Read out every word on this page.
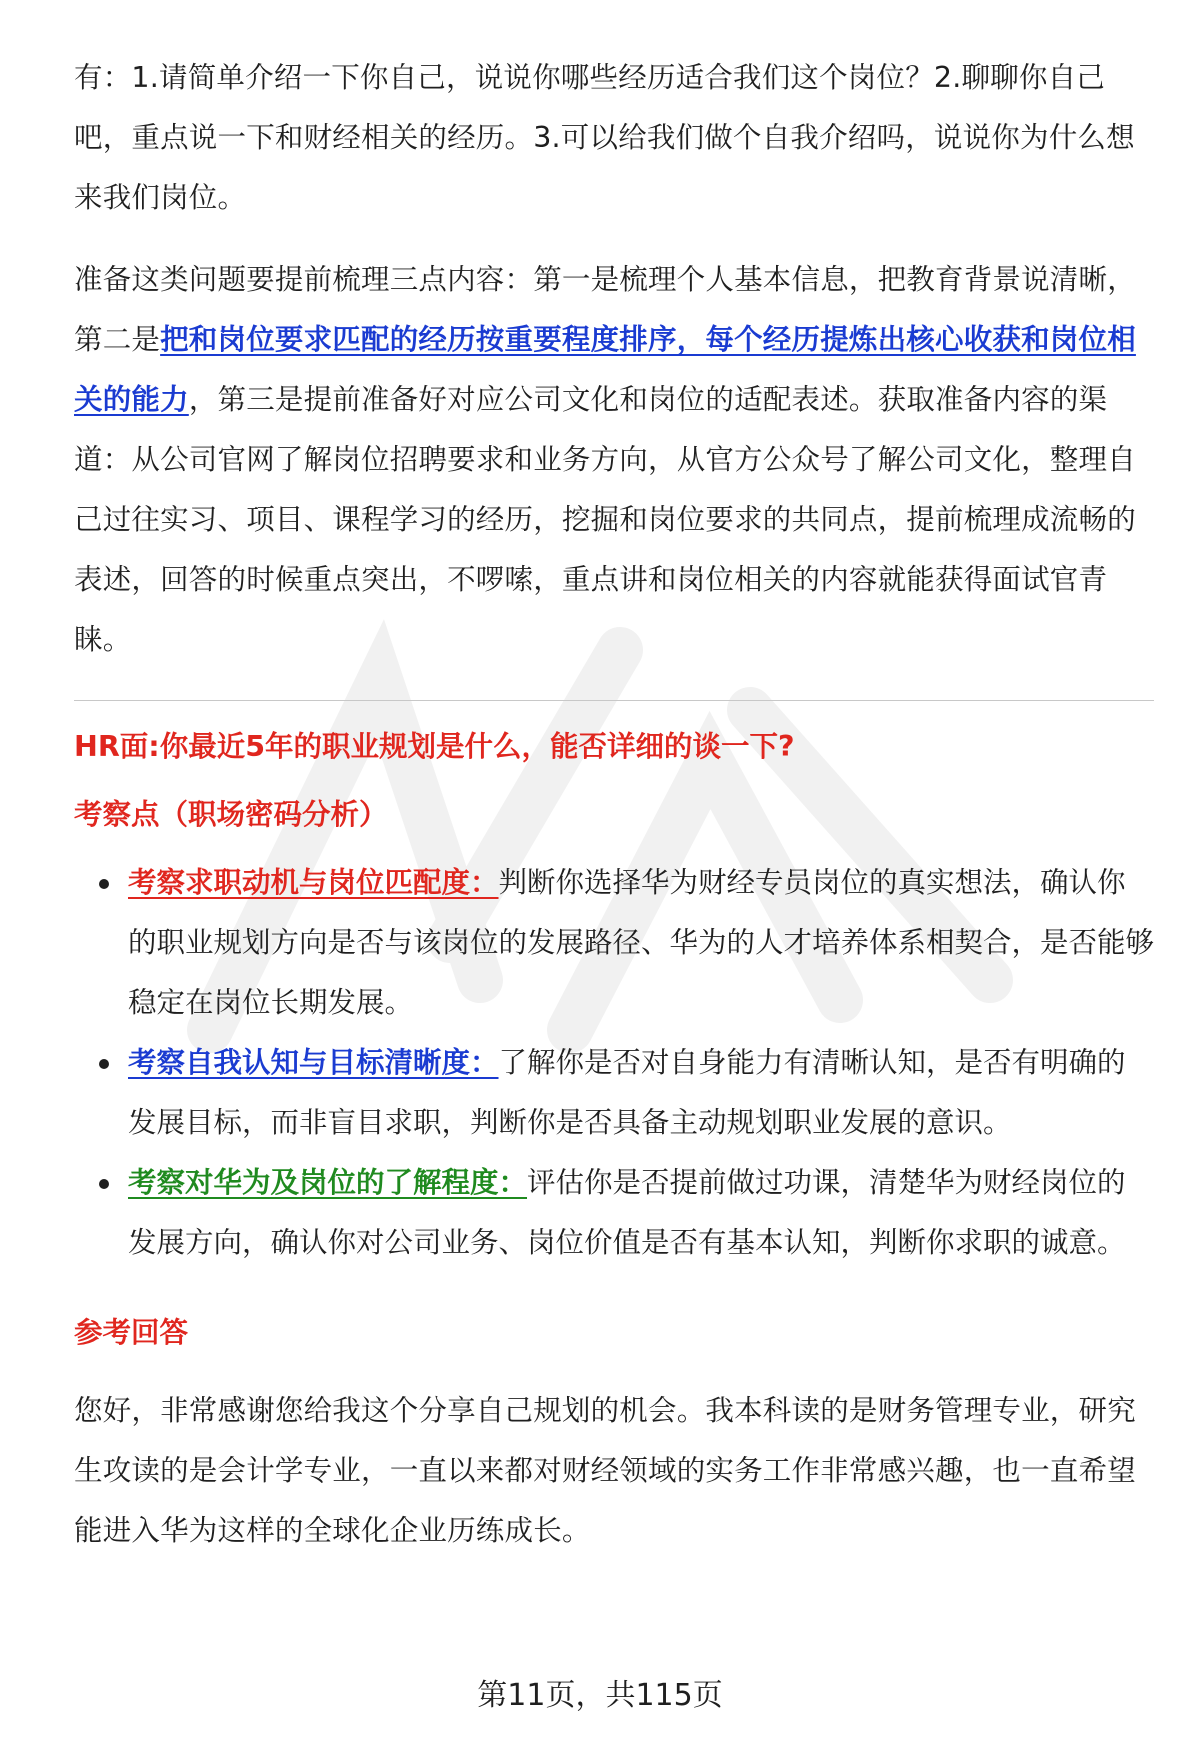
有：1.请简单介绍一下你自己，说说你哪些经历适合我们这个岗位？2.聊聊你自己吧，重点说一下和财经相关的经历。3.可以给我们做个自我介绍吗，说说你为什么想来我们岗位。

准备这类问题要提前梳理三点内容：第一是梳理个人基本信息，把教育背景说清晰，第二是把和岗位要求匹配的经历按重要程度排序，每个经历提炼出核心收获和岗位相关的能力，第三是提前准备好对应公司文化和岗位的适配表述。获取准备内容的渠道：从公司官网了解岗位招聘要求和业务方向，从官方公众号了解公司文化，整理自己过往实习、项目、课程学习的经历，挖掘和岗位要求的共同点，提前梳理成流畅的表述，回答的时候重点突出，不啰嗦，重点讲和岗位相关的内容就能获得面试官青睐。

HR面:你最近5年的职业规划是什么，能否详细的谈一下?
考察点（职场密码分析）
考察求职动机与岗位匹配度：判断你选择华为财经专员岗位的真实想法，确认你的职业规划方向是否与该岗位的发展路径、华为的人才培养体系相契合，是否能够稳定在岗位长期发展。
考察自我认知与目标清晰度：了解你是否对自身能力有清晰认知，是否有明确的发展目标，而非盲目求职，判断你是否具备主动规划职业发展的意识。
考察对华为及岗位的了解程度：评估你是否提前做过功课，清楚华为财经岗位的发展方向，确认你对公司业务、岗位价值是否有基本认知，判断你求职的诚意。
参考回答

您好，非常感谢您给我这个分享自己规划的机会。我本科读的是财务管理专业，研究生攻读的是会计学专业，一直以来都对财经领域的实务工作非常感兴趣，也一直希望能进入华为这样的全球化企业历练成长。

第11页，共115页
